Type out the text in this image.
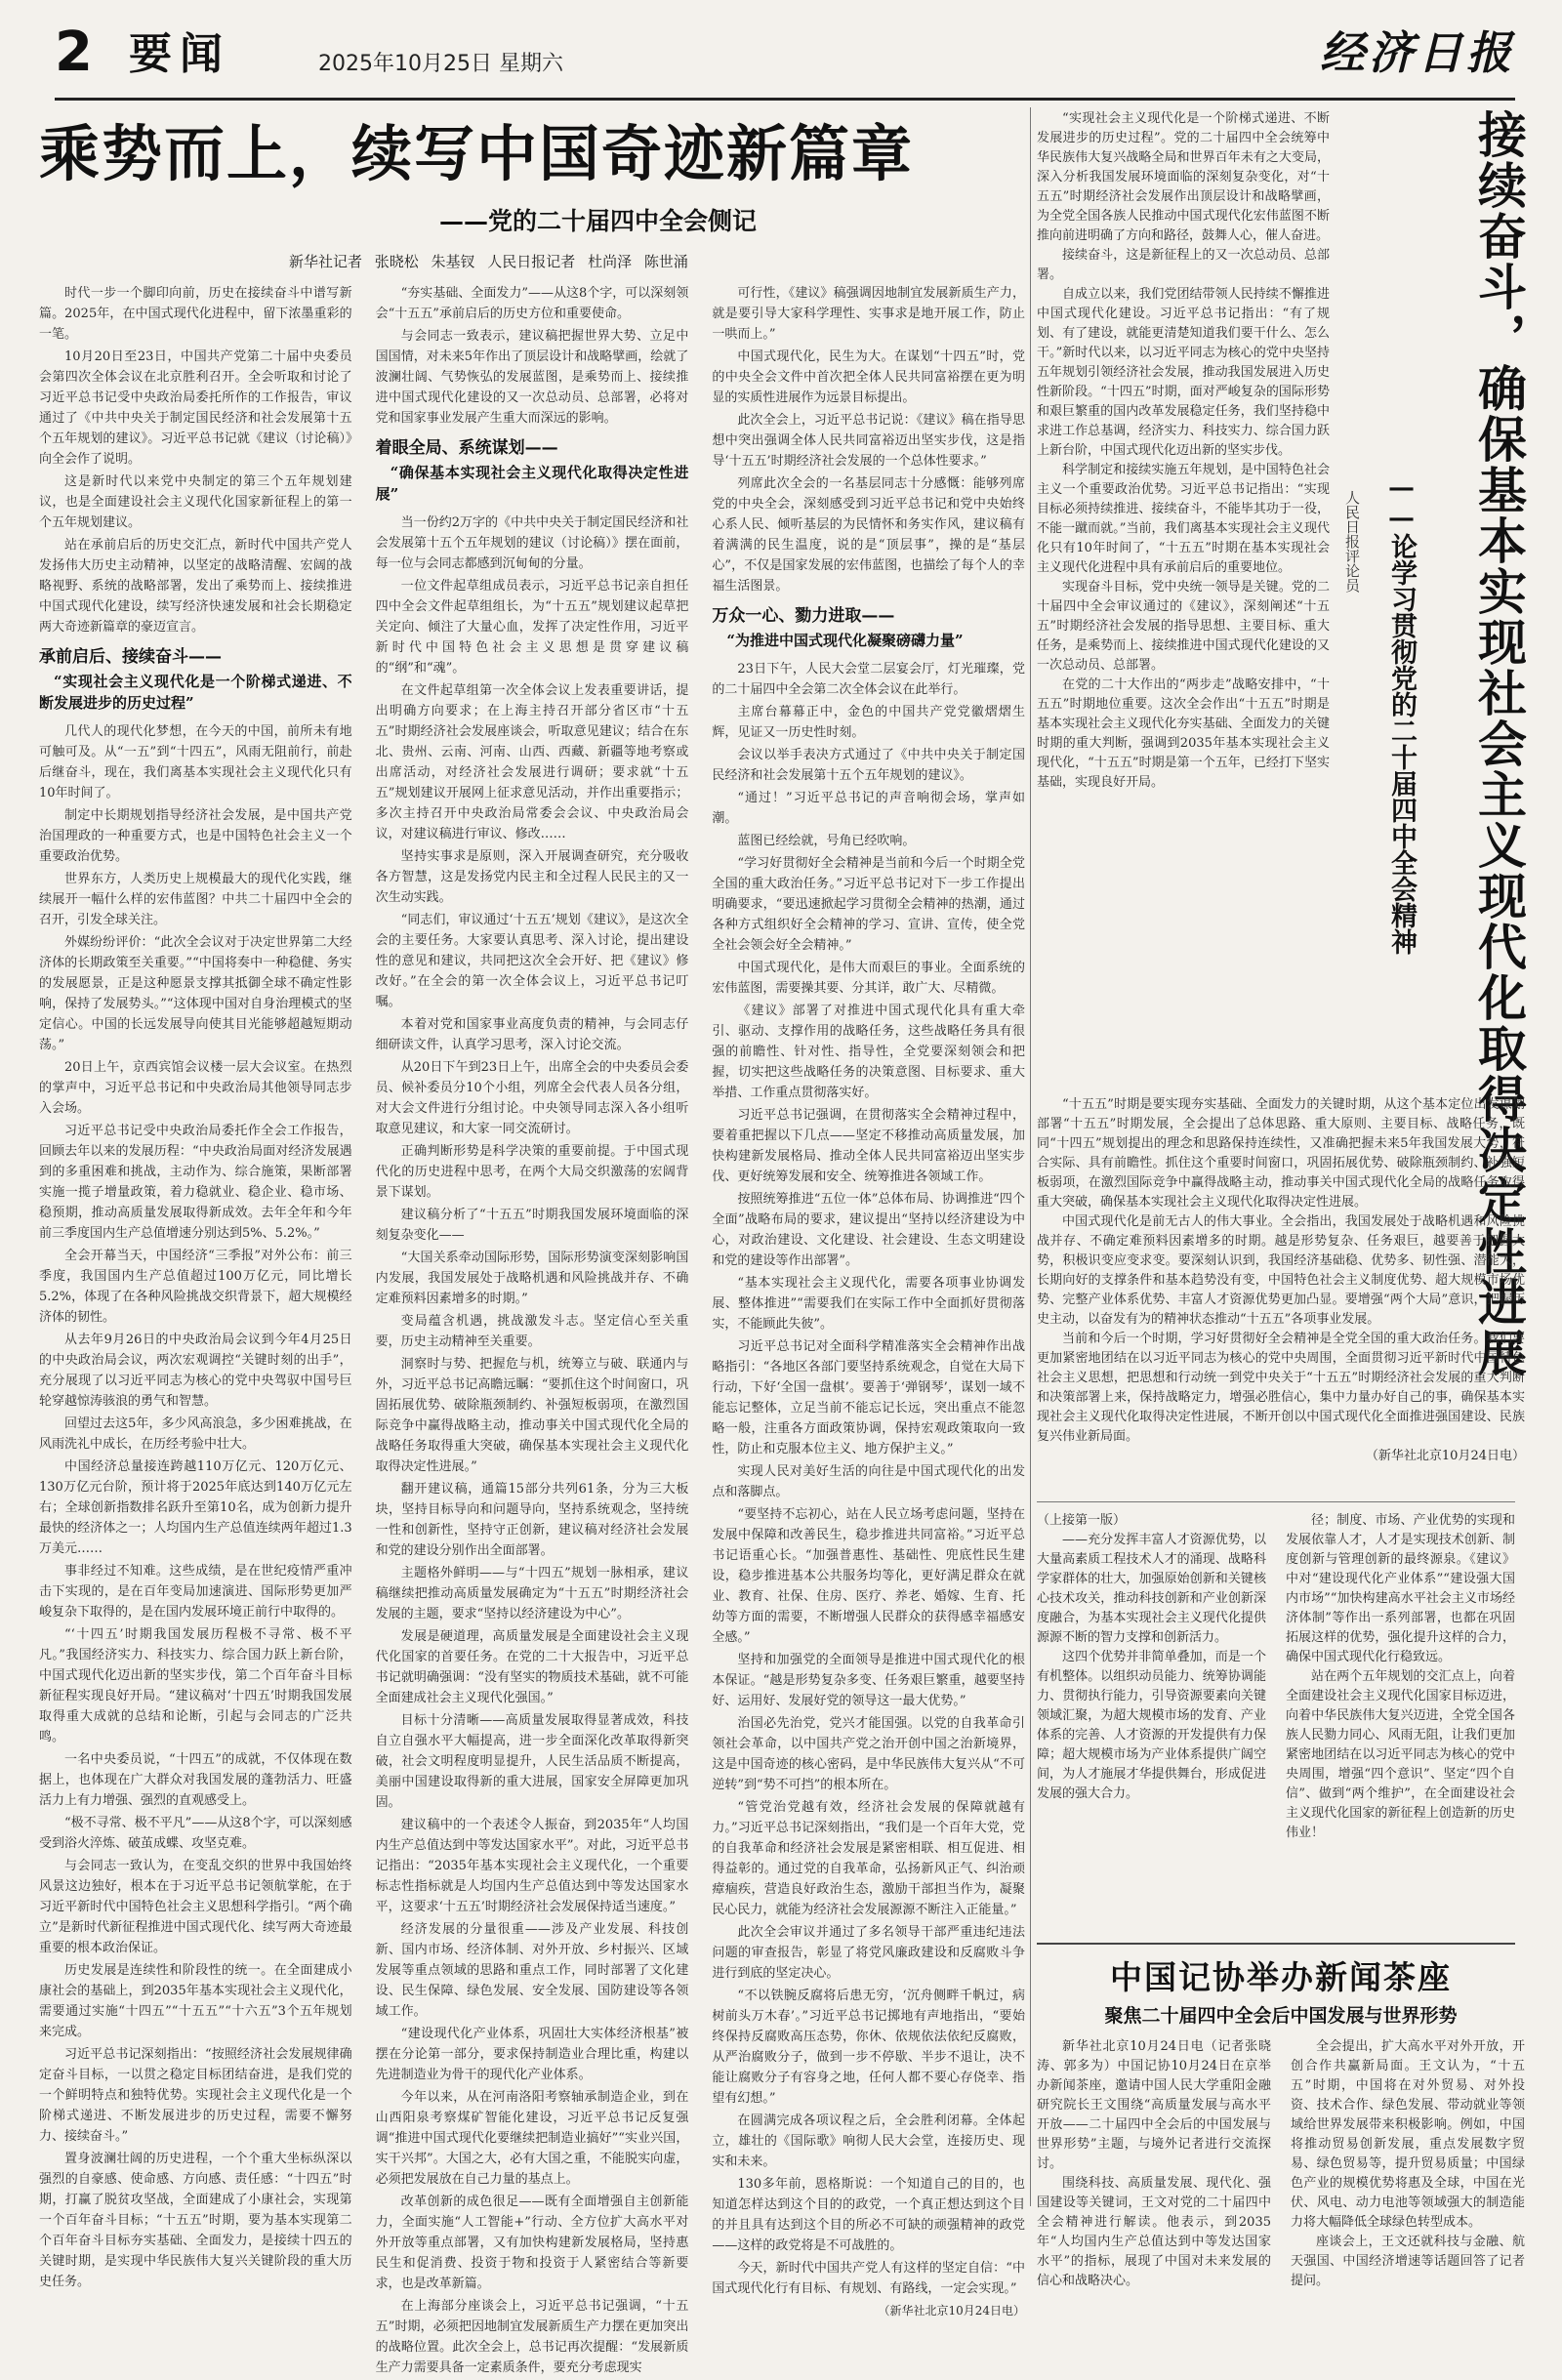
2 要闻	2025年10月25日 星期六	经济日报
乘势而上，续写中国奇迹新篇章
——党的二十届四中全会侧记
新华社记者 张晓松 朱基钗 人民日报记者 杜尚泽 陈世涌

时代一步一个脚印向前，历史在接续奋斗中谱写新篇。2025年，在中国式现代化进程中，留下浓墨重彩的一笔。

10月20日至23日，中国共产党第二十届中央委员会第四次全体会议在北京胜利召开。全会听取和讨论了习近平总书记受中央政治局委托所作的工作报告，审议通过了《中共中央关于制定国民经济和社会发展第十五个五年规划的建议》。习近平总书记就《建议（讨论稿）》向全会作了说明。

这是新时代以来党中央制定的第三个五年规划建议，也是全面建设社会主义现代化国家新征程上的第一个五年规划建议。

站在承前启后的历史交汇点，新时代中国共产党人发扬伟大历史主动精神，以坚定的战略清醒、宏阔的战略视野、系统的战略部署，发出了乘势而上、接续推进中国式现代化建设，续写经济快速发展和社会长期稳定两大奇迹新篇章的豪迈宣言。

承前启后、接续奋斗——

“实现社会主义现代化是一个阶梯式递进、不断发展进步的历史过程”

几代人的现代化梦想，在今天的中国，前所未有地可触可及。从“一五”到“十四五”，风雨无阻前行，前赴后继奋斗，现在，我们离基本实现社会主义现代化只有10年时间了。

制定中长期规划指导经济社会发展，是中国共产党治国理政的一种重要方式，也是中国特色社会主义一个重要政治优势。

世界东方，人类历史上规模最大的现代化实践，继续展开一幅什么样的宏伟蓝图？中共二十届四中全会的召开，引发全球关注。

外媒纷纷评价：“此次全会议对于决定世界第二大经济体的长期政策至关重要。”“中国将奏中一种稳健、务实的发展愿景，正是这种愿景支撑其抵御全球不确定性影响，保持了发展势头。”“这体现中国对自身治理模式的坚定信心。中国的长远发展导向使其目光能够超越短期动荡。”

20日上午，京西宾馆会议楼一层大会议室。在热烈的掌声中，习近平总书记和中央政治局其他领导同志步入会场。

习近平总书记受中央政治局委托作全会工作报告，回顾去年以来的发展历程：“中央政治局面对经济发展遇到的多重困难和挑战，主动作为、综合施策，果断部署实施一揽子增量政策，着力稳就业、稳企业、稳市场、稳预期，推动高质量发展取得新成效。去年全年和今年前三季度国内生产总值增速分别达到5%、5.2%。”

全会开幕当天，中国经济“三季报”对外公布：前三季度，我国国内生产总值超过100万亿元，同比增长5.2%，体现了在各种风险挑战交织背景下，超大规模经济体的韧性。

从去年9月26日的中央政治局会议到今年4月25日的中央政治局会议，两次宏观调控“关键时刻的出手”，充分展现了以习近平同志为核心的党中央驾驭中国号巨轮穿越惊涛骇浪的勇气和智慧。

回望过去这5年，多少风高浪急，多少困难挑战，在风雨洗礼中成长，在历经考验中壮大。

中国经济总量接连跨越110万亿元、120万亿元、130万亿元台阶，预计将于2025年底达到140万亿元左右；全球创新指数排名跃升至第10名，成为创新力提升最快的经济体之一；人均国内生产总值连续两年超过1.3万美元……

事非经过不知难。这些成绩，是在世纪疫情严重冲击下实现的，是在百年变局加速演进、国际形势更加严峻复杂下取得的，是在国内发展环境正前行中取得的。

“‘十四五’时期我国发展历程极不寻常、极不平凡。”我国经济实力、科技实力、综合国力跃上新台阶，中国式现代化迈出新的坚实步伐，第二个百年奋斗目标新征程实现良好开局。“建议稿对‘十四五’时期我国发展取得重大成就的总结和论断，引起与会同志的广泛共鸣。

一名中央委员说，“十四五”的成就，不仅体现在数据上，也体现在广大群众对我国发展的蓬勃活力、旺盛活力上有力增强、强烈的直观感受上。

“极不寻常、极不平凡”——从这8个字，可以深刻感受到浴火淬炼、破茧成蝶、攻坚克难。

与会同志一致认为，在变乱交织的世界中我国始终风景这边独好，根本在于习近平总书记领航掌舵，在于习近平新时代中国特色社会主义思想科学指引。“两个确立”是新时代新征程推进中国式现代化、续写两大奇迹最重要的根本政治保证。

历史发展是连续性和阶段性的统一。在全面建成小康社会的基础上，到2035年基本实现社会主义现代化，需要通过实施“十四五”“十五五”“十六五”3个五年规划来完成。

习近平总书记深刻指出：“按照经济社会发展规律确定奋斗目标，一以贯之稳定目标团结奋进，是我们党的一个鲜明特点和独特优势。实现社会主义现代化是一个阶梯式递进、不断发展进步的历史过程，需要不懈努力、接续奋斗。”

置身波澜壮阔的历史进程，一个个重大坐标纵深以强烈的自豪感、使命感、方向感、责任感：“十四五”时期，打赢了脱贫攻坚战，全面建成了小康社会，实现第一个百年奋斗目标；“十五五”时期，要为基本实现第二个百年奋斗目标夯实基础、全面发力，是接续十四五的关键时期，是实现中华民族伟大复兴关键阶段的重大历史任务。

“夯实基础、全面发力”——从这8个字，可以深刻领会“十五五”承前启后的历史方位和重要使命。

与会同志一致表示，建议稿把握世界大势、立足中国国情，对未来5年作出了顶层设计和战略擘画，绘就了波澜壮阔、气势恢弘的发展蓝图，是乘势而上、接续推进中国式现代化建设的又一次总动员、总部署，必将对党和国家事业发展产生重大而深远的影响。

着眼全局、系统谋划——

“确保基本实现社会主义现代化取得决定性进展”

当一份约2万字的《中共中央关于制定国民经济和社会发展第十五个五年规划的建议（讨论稿）》摆在面前，每一位与会同志都感到沉甸甸的分量。

一位文件起草组成员表示，习近平总书记亲自担任四中全会文件起草组组长，为“十五五”规划建议起草把关定向、倾注了大量心血，发挥了决定性作用，习近平新时代中国特色社会主义思想是贯穿建议稿的“纲”和“魂”。

在文件起草组第一次全体会议上发表重要讲话，提出明确方向要求；在上海主持召开部分省区市“十五五”时期经济社会发展座谈会，听取意见建议；结合在东北、贵州、云南、河南、山西、西藏、新疆等地考察或出席活动，对经济社会发展进行调研；要求就“十五五”规划建议开展网上征求意见活动，并作出重要指示；多次主持召开中央政治局常委会会议、中央政治局会议，对建议稿进行审议、修改……

坚持实事求是原则，深入开展调查研究，充分吸收各方智慧，这是发扬党内民主和全过程人民民主的又一次生动实践。

“同志们，审议通过‘十五五’规划《建议》，是这次全会的主要任务。大家要认真思考、深入讨论，提出建设性的意见和建议，共同把这次全会开好、把《建议》修改好。”在全会的第一次全体会议上，习近平总书记叮嘱。

本着对党和国家事业高度负责的精神，与会同志仔细研读文件，认真学习思考，深入讨论交流。

从20日下午到23日上午，出席全会的中央委员会委员、候补委员分10个小组，列席全会代表人员各分组，对大会文件进行分组讨论。中央领导同志深入各小组听取意见建议，和大家一同交流研讨。

正确判断形势是科学决策的重要前提。于中国式现代化的历史进程中思考，在两个大局交织激荡的宏阔背景下谋划。

建议稿分析了“十五五”时期我国发展环境面临的深刻复杂变化——

“大国关系牵动国际形势，国际形势演变深刻影响国内发展，我国发展处于战略机遇和风险挑战并存、不确定难预料因素增多的时期。”

变局蕴含机遇，挑战激发斗志。坚定信心至关重要，历史主动精神至关重要。

洞察时与势、把握危与机，统筹立与破、联通内与外，习近平总书记高瞻远瞩：“要抓住这个时间窗口，巩固拓展优势、破除瓶颈制约、补强短板弱项，在激烈国际竞争中赢得战略主动，推动事关中国式现代化全局的战略任务取得重大突破，确保基本实现社会主义现代化取得决定性进展。”

翻开建议稿，通篇15部分共列61条，分为三大板块，坚持目标导向和问题导向，坚持系统观念，坚持统一性和创新性，坚持守正创新，建议稿对经济社会发展和党的建设分别作出全面部署。

主题格外鲜明——与“十四五”规划一脉相承，建议稿继续把推动高质量发展确定为“十五五”时期经济社会发展的主题，要求“坚持以经济建设为中心”。

发展是硬道理，高质量发展是全面建设社会主义现代化国家的首要任务。在党的二十大报告中，习近平总书记就明确强调：“没有坚实的物质技术基础，就不可能全面建成社会主义现代化强国。”

目标十分清晰——高质量发展取得显著成效，科技自立自强水平大幅提高，进一步全面深化改革取得新突破，社会文明程度明显提升，人民生活品质不断提高，美丽中国建设取得新的重大进展，国家安全屏障更加巩固。

建议稿中的一个表述令人振奋，到2035年“人均国内生产总值达到中等发达国家水平”。对此，习近平总书记指出：“2035年基本实现社会主义现代化，一个重要标志性指标就是人均国内生产总值达到中等发达国家水平，这要求‘十五五’时期经济社会发展保持适当速度。”

经济发展的分量很重——涉及产业发展、科技创新、国内市场、经济体制、对外开放、乡村振兴、区域发展等重点领域的思路和重点工作，同时部署了文化建设、民生保障、绿色发展、安全发展、国防建设等各领域工作。

“建设现代化产业体系，巩固壮大实体经济根基”被摆在分论第一部分，要求保持制造业合理比重，构建以先进制造业为骨干的现代化产业体系。

今年以来，从在河南洛阳考察轴承制造企业，到在山西阳泉考察煤矿智能化建设，习近平总书记反复强调“推进中国式现代化要继续把制造业搞好”“实业兴国，实干兴邦”。大国之大，必有大国之重，不能脱实向虚，必须把发展放在自己力量的基点上。

改革创新的成色很足——既有全面增强自主创新能力，全面实施“人工智能+”行动、全方位扩大高水平对外开放等重点部署，又有加快构建新发展格局，坚持惠民生和促消费、投资于物和投资于人紧密结合等新要求，也是改革新篇。

在上海部分座谈会上，习近平总书记强调，“十五五”时期，必须把因地制宜发展新质生产力摆在更加突出的战略位置。此次全会上，总书记再次提醒：“发展新质生产力需要具备一定素质条件，要充分考虑现实

可行性，《建议》稿强调因地制宜发展新质生产力，就是要引导大家科学理性、实事求是地开展工作，防止一哄而上。”

中国式现代化，民生为大。在谋划“十四五”时，党的中央全会文件中首次把全体人民共同富裕摆在更为明显的实质性进展作为远景目标提出。

此次全会上，习近平总书记说：《建议》稿在指导思想中突出强调全体人民共同富裕迈出坚实步伐，这是指导‘十五五’时期经济社会发展的一个总体性要求。”

列席此次全会的一名基层同志十分感慨：能够列席党的中央全会，深刻感受到习近平总书记和党中央始终心系人民、倾听基层的为民情怀和务实作风，建议稿有着满满的民生温度，说的是“顶层事”，操的是“基层心”，不仅是国家发展的宏伟蓝图，也描绘了每个人的幸福生活图景。

万众一心、勠力进取——

“为推进中国式现代化凝聚磅礴力量”

23日下午，人民大会堂二层宴会厅，灯光璀璨，党的二十届四中全会第二次全体会议在此举行。

主席台幕幕正中，金色的中国共产党党徽熠熠生辉，见证又一历史性时刻。

会议以举手表决方式通过了《中共中央关于制定国民经济和社会发展第十五个五年规划的建议》。

“通过！”习近平总书记的声音响彻会场，掌声如潮。

蓝图已经绘就，号角已经吹响。

“学习好贯彻好全会精神是当前和今后一个时期全党全国的重大政治任务。”习近平总书记对下一步工作提出明确要求，“要迅速掀起学习贯彻全会精神的热潮，通过各种方式组织好全会精神的学习、宣讲、宣传，使全党全社会领会好全会精神。”

中国式现代化，是伟大而艰巨的事业。全面系统的宏伟蓝图，需要操其要、分其详，敢广大、尽精微。

《建议》部署了对推进中国式现代化具有重大牵引、驱动、支撑作用的战略任务，这些战略任务具有很强的前瞻性、针对性、指导性，全党要深刻领会和把握，切实把这些战略任务的决策意图、目标要求、重大举措、工作重点贯彻落实好。

习近平总书记强调，在贯彻落实全会精神过程中，要着重把握以下几点——坚定不移推动高质量发展，加快构建新发展格局、推动全体人民共同富裕迈出坚实步伐、更好统筹发展和安全、统筹推进各领域工作。

按照统筹推进“五位一体”总体布局、协调推进“四个全面”战略布局的要求，建议提出“坚持以经济建设为中心，对政治建设、文化建设、社会建设、生态文明建设和党的建设等作出部署”。

“基本实现社会主义现代化，需要各项事业协调发展、整体推进”“需要我们在实际工作中全面抓好贯彻落实，不能顾此失彼”。

习近平总书记对全面科学精准落实全会精神作出战略指引：“各地区各部门要坚持系统观念，自觉在大局下行动，下好‘全国一盘棋’。要善于‘弹钢琴’，谋划一域不能忘记整体，立足当前不能忘记长远，突出重点不能忽略一般，注重各方面政策协调，保持宏观政策取向一致性，防止和克服本位主义、地方保护主义。”

实现人民对美好生活的向往是中国式现代化的出发点和落脚点。

“要坚持不忘初心，站在人民立场考虑问题，坚持在发展中保障和改善民生，稳步推进共同富裕。”习近平总书记语重心长。“加强普惠性、基础性、兜底性民生建设，稳步推进基本公共服务均等化，更好满足群众在就业、教育、社保、住房、医疗、养老、婚嫁、生育、托幼等方面的需要，不断增强人民群众的获得感幸福感安全感。”

坚持和加强党的全面领导是推进中国式现代化的根本保证。“越是形势复杂多变、任务艰巨繁重，越要坚持好、运用好、发展好党的领导这一最大优势。”

治国必先治党，党兴才能国强。以党的自我革命引领社会革命，以中国共产党之治开创中国之治新境界，这是中国奇迹的核心密码，是中华民族伟大复兴从“不可逆转”到“势不可挡”的根本所在。

“管党治党越有效，经济社会发展的保障就越有力。”习近平总书记深刻指出，“我们是一个百年大党，党的自我革命和经济社会发展是紧密相联、相互促进、相得益彰的。通过党的自我革命，弘扬新风正气、纠治顽瘴痼疾，营造良好政治生态，激励干部担当作为，凝聚民心民力，就能为经济社会发展源源不断注入正能量。”

此次全会审议并通过了多名领导干部严重违纪违法问题的审查报告，彰显了将党风廉政建设和反腐败斗争进行到底的坚定决心。

“不以铁腕反腐将后患无穷，‘沉舟侧畔千帆过，病树前头万木春’。”习近平总书记掷地有声地指出，“要始终保持反腐败高压态势，你休、依规依法依纪反腐败，从严治腐败分子，做到一步不停歇、半步不退让，决不能让腐败分子有容身之地，任何人都不要心存侥幸、指望有幻想。”

在圆满完成各项议程之后，全会胜利闭幕。全体起立，雄壮的《国际歌》响彻人民大会堂，连接历史、现实和未来。

130多年前，恩格斯说：一个知道自己的目的，也知道怎样达到这个目的的政党，一个真正想达到这个目的并且具有达到这个目的所必不可缺的顽强精神的政党——这样的政党将是不可战胜的。

今天，新时代中国共产党人有这样的坚定自信：“中国式现代化行有目标、有规划、有路线，一定会实现。”

（新华社北京10月24日电）

“实现社会主义现代化是一个阶梯式递进、不断发展进步的历史过程”。党的二十届四中全会统筹中华民族伟大复兴战略全局和世界百年未有之大变局，深入分析我国发展环境面临的深刻复杂变化，对“十五五”时期经济社会发展作出顶层设计和战略擘画，为全党全国各族人民推动中国式现代化宏伟蓝图不断推向前进明确了方向和路径，鼓舞人心，催人奋进。

接续奋斗，这是新征程上的又一次总动员、总部署。

自成立以来，我们党团结带领人民持续不懈推进中国式现代化建设。习近平总书记指出：“有了规划、有了建设，就能更清楚知道我们要干什么、怎么干。”新时代以来，以习近平同志为核心的党中央坚持五年规划引领经济社会发展，推动我国发展进入历史性新阶段。“十四五”时期，面对严峻复杂的国际形势和艰巨繁重的国内改革发展稳定任务，我们坚持稳中求进工作总基调，经济实力、科技实力、综合国力跃上新台阶，中国式现代化迈出新的坚实步伐。

科学制定和接续实施五年规划，是中国特色社会主义一个重要政治优势。习近平总书记指出：“实现目标必须持续推进、接续奋斗，不能毕其功于一役，不能一蹴而就。”当前，我们离基本实现社会主义现代化只有10年时间了，“十五五”时期在基本实现社会主义现代化进程中具有承前启后的重要地位。

实现奋斗目标，党中央统一领导是关键。党的二十届四中全会审议通过的《建议》，深刻阐述“十五五”时期经济社会发展的指导思想、主要目标、重大任务，是乘势而上、接续推进中国式现代化建设的又一次总动员、总部署。

在党的二十大作出的“两步走”战略安排中，“十五五”时期地位重要。这次全会作出“十五五”时期是基本实现社会主义现代化夯实基础、全面发力的关键时期的重大判断，强调到2035年基本实现社会主义现代化，“十五五”时期是第一个五年，已经打下坚实基础，实现良好开局。	接续奋斗，确保基本实现社会主义现代化取得决定性进展
——论学习贯彻党的二十届四中全会精神
人民日报评论员

“十五五”时期是要实现夯实基础、全面发力的关键时期，从这个基本定位出发谋划部署“十五五”时期发展，全会提出了总体思路、重大原则、主要目标、战略任务，既同“十四五”规划提出的理念和思路保持连续性，又准确把握未来5年我国发展大势，符合实际、具有前瞻性。抓住这个重要时间窗口，巩固拓展优势、破除瓶颈制约、补强短板弱项，在激烈国际竞争中赢得战略主动，推动事关中国式现代化全局的战略任务取得重大突破，确保基本实现社会主义现代化取得决定性进展。

中国式现代化是前无古人的伟大事业。全会指出，我国发展处于战略机遇和风险挑战并存、不确定难预料因素增多的时期。越是形势复杂、任务艰巨，越要善于把握大势，积极识变应变求变。要深刻认识到，我国经济基础稳、优势多、韧性强、潜能大，长期向好的支撑条件和基本趋势没有变，中国特色社会主义制度优势、超大规模市场优势、完整产业体系优势、丰富人才资源优势更加凸显。要增强“两个大局”意识，把握历史主动，以奋发有为的精神状态推动“十五五”各项事业发展。

当前和今后一个时期，学习好贯彻好全会精神是全党全国的重大政治任务。我们要更加紧密地团结在以习近平同志为核心的党中央周围，全面贯彻习近平新时代中国特色社会主义思想，把思想和行动统一到党中央关于“十五五”时期经济社会发展的重大判断和决策部署上来，保持战略定力，增强必胜信心，集中力量办好自己的事，确保基本实现社会主义现代化取得决定性进展，不断开创以中国式现代化全面推进强国建设、民族复兴伟业新局面。

（新华社北京10月24日电）

（上接第一版）

——充分发挥丰富人才资源优势，以大量高素质工程技术人才的涌现、战略科学家群体的壮大，加强原始创新和关键核心技术攻关，推动科技创新和产业创新深度融合，为基本实现社会主义现代化提供源源不断的智力支撑和创新活力。

这四个优势并非简单叠加，而是一个有机整体。以组织动员能力、统筹协调能力、贯彻执行能力，引导资源要素向关键领域汇聚，为超大规模市场的发育、产业体系的完善、人才资源的开发提供有力保障；超大规模市场为产业体系提供广阔空间，为人才施展才华提供舞台，形成促进发展的强大合力。

径；制度、市场、产业优势的实现和发展依靠人才，人才是实现技术创新、制度创新与管理创新的最终源泉。《建议》中对“建设现代化产业体系”“建设强大国内市场”“加快构建高水平社会主义市场经济体制”等作出一系列部署，也都在巩固拓展这样的优势，强化提升这样的合力，确保中国式现代化行稳致远。

站在两个五年规划的交汇点上，向着全面建设社会主义现代化国家目标迈进，向着中华民族伟大复兴迈进，全党全国各族人民勠力同心、风雨无阻，让我们更加紧密地团结在以习近平同志为核心的党中央周围，增强“四个意识”、坚定“四个自信”、做到“两个维护”，在全面建设社会主义现代化国家的新征程上创造新的历史伟业！

中国记协举办新闻茶座
聚焦二十届四中全会后中国发展与世界形势

新华社北京10月24日电（记者张晓涛、郭多为）中国记协10月24日在京举办新闻茶座，邀请中国人民大学重阳金融研究院长王文围绕“高质量发展与高水平开放——二十届四中全会后的中国发展与世界形势”主题，与境外记者进行交流探讨。

围绕科技、高质量发展、现代化、强国建设等关键词，王文对党的二十届四中全会精神进行解读。他表示，到2035年“人均国内生产总值达到中等发达国家水平”的指标，展现了中国对未来发展的信心和战略决心。

全会提出，扩大高水平对外开放，开创合作共赢新局面。王文认为，“十五五”时期，中国将在对外贸易、对外投资、技术合作、绿色发展、带动就业等领域给世界发展带来积极影响。例如，中国将推动贸易创新发展，重点发展数字贸易、绿色贸易等，提升贸易质量；中国绿色产业的规模优势将惠及全球，中国在光伏、风电、动力电池等领域强大的制造能力将大幅降低全球绿色转型成本。

座谈会上，王文还就科技与金融、航天强国、中国经济增速等话题回答了记者提问。
